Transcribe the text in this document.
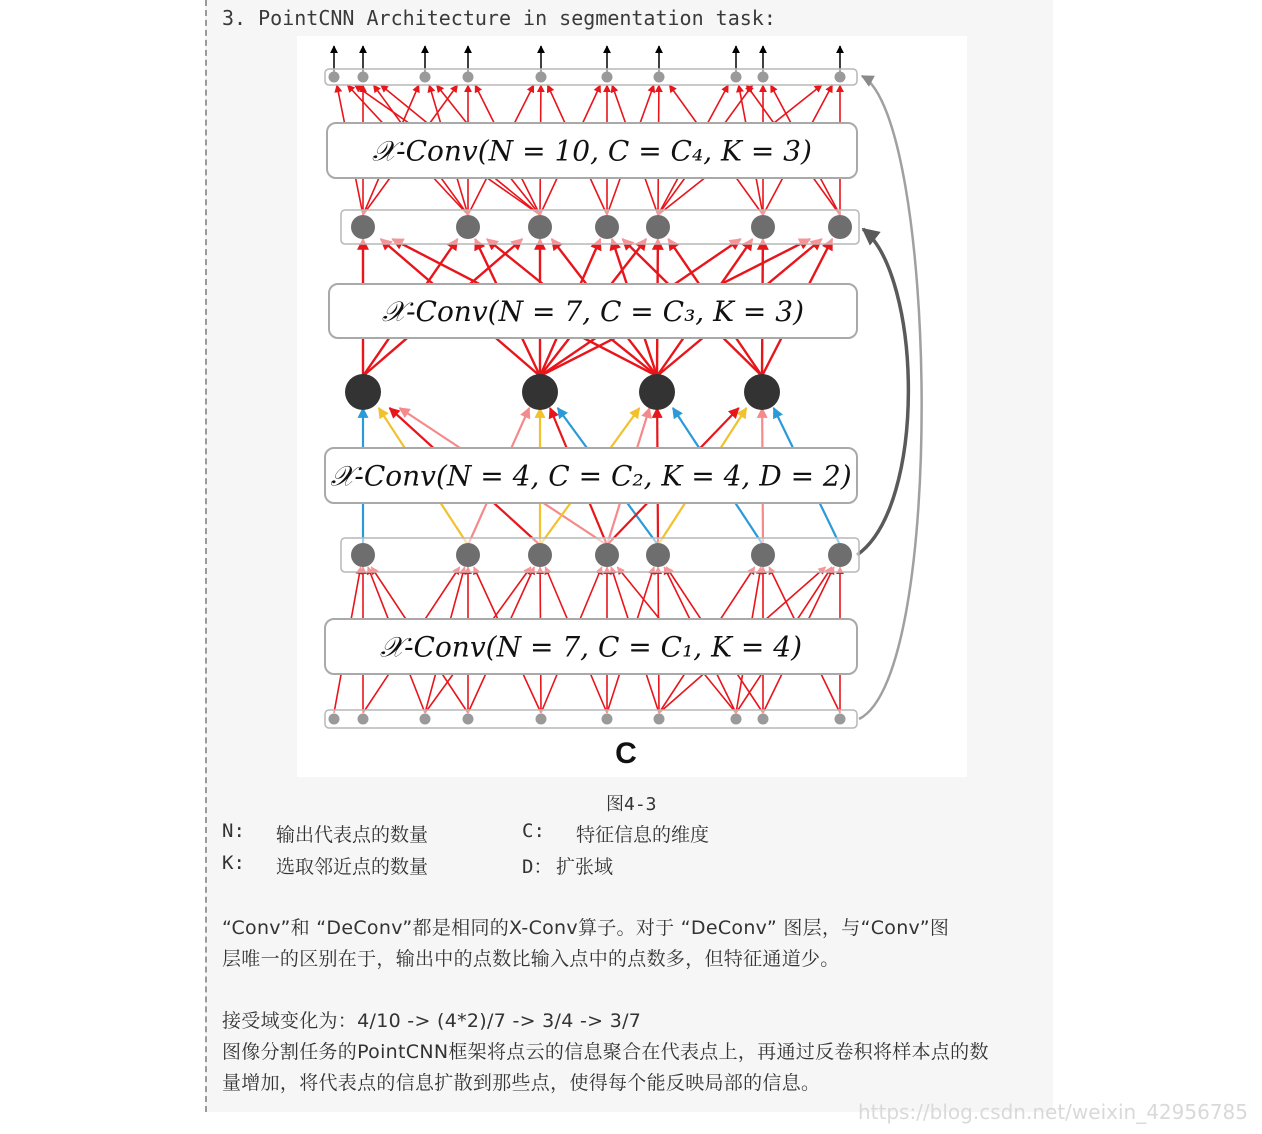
3. PointCNN Architecture in segmentation task:
𝒳-Conv(N = 10, C = C₄, K = 3)
𝒳-Conv(N = 7, C = C₃, K = 3)
𝒳-Conv(N = 4, C = C₂, K = 4, D = 2)
𝒳-Conv(N = 7, C = C₁, K = 4)
C
图4-3
N: 输出代表点的数量	C: 特征信息的维度
K: 选取邻近点的数量	D： 扩张域
“Conv”和 “DeConv”都是相同的X-Conv算子。对于 “DeConv” 图层，与“Conv”图
层唯一的区别在于，输出中的点数比输入点中的点数多，但特征通道少。
接受域变化为：4/10 -> (4*2)/7 -> 3/4 -> 3/7
图像分割任务的PointCNN框架将点云的信息聚合在代表点上，再通过反卷积将样本点的数
量增加，将代表点的信息扩散到那些点，使得每个能反映局部的信息。
https://blog.csdn.net/weixin_42956785
